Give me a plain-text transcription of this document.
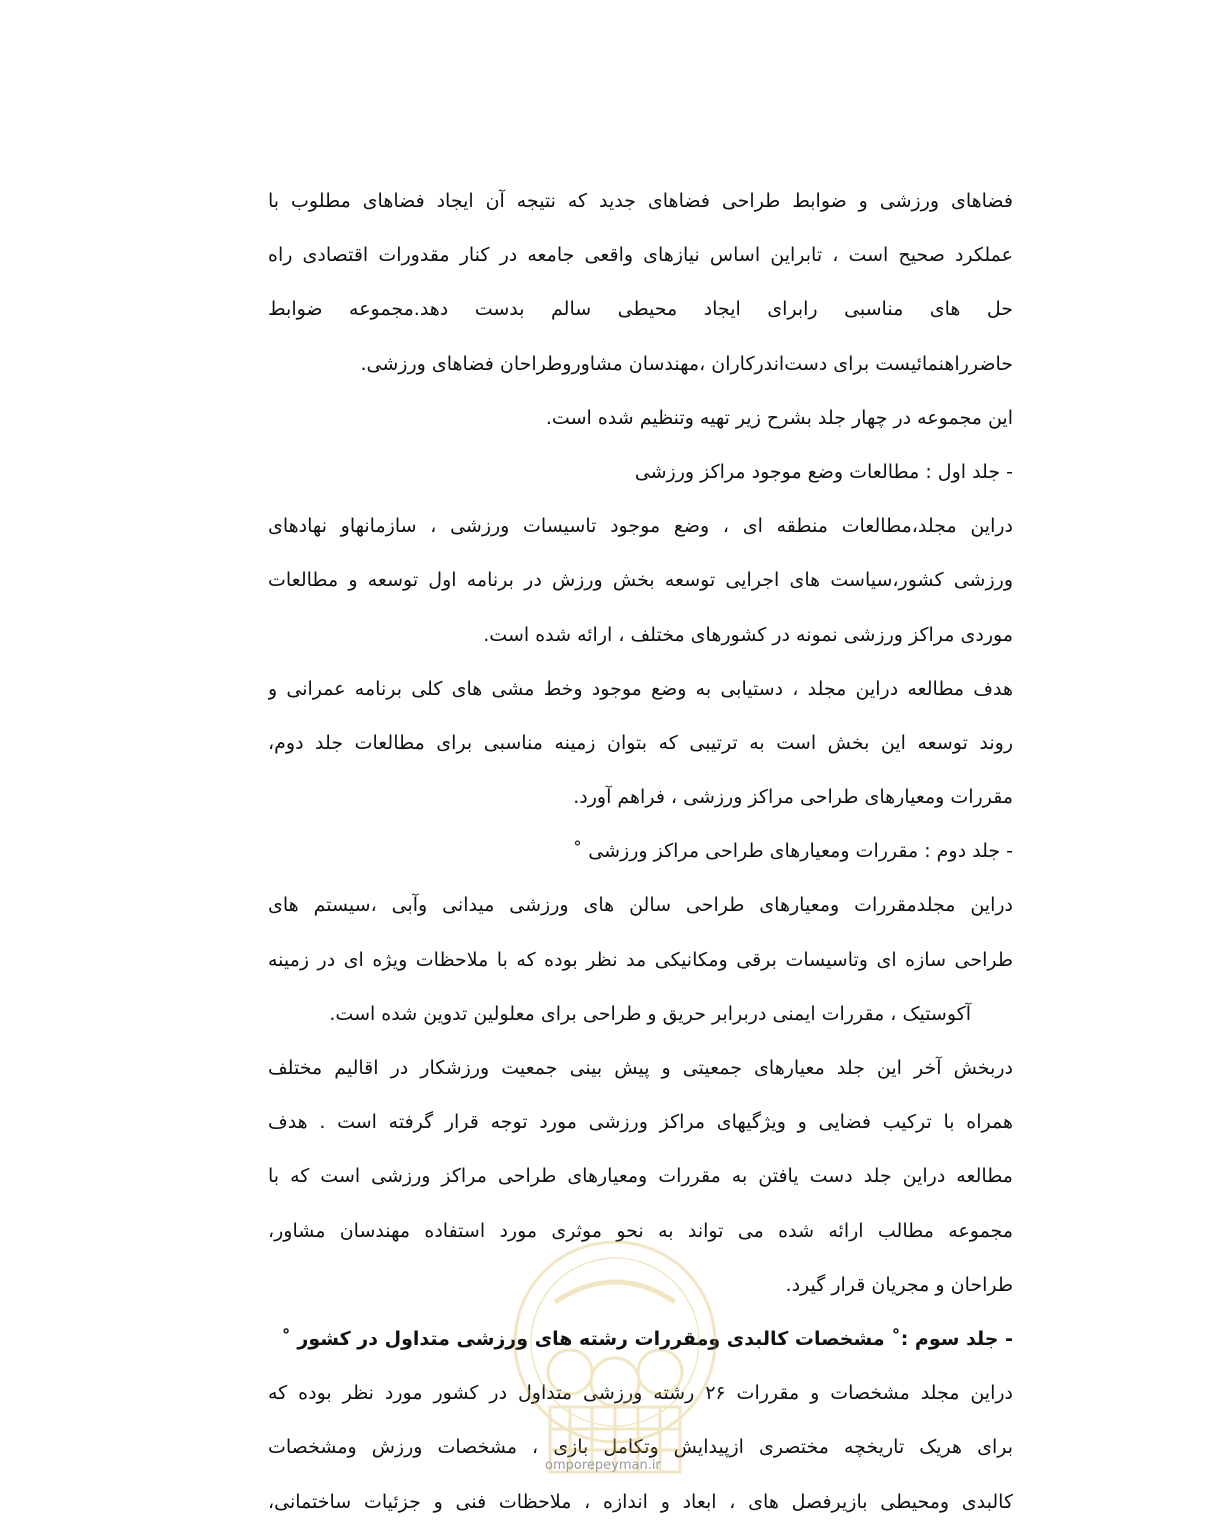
فضاهای ورزشی و ضوابط طراحی فضاهای جدید که نتیجه آن ایجاد فضاهای مطلوب با
عملکرد صحیح است ، تابراین اساس نیازهای واقعی جامعه در کنار مقدورات اقتصادی راه
حل های مناسبی رابرای ایجاد محیطی سالم بدست دهد.مجموعه ضوابط
حاضرراهنمائیست برای دست‌اندرکاران ،مهندسان مشاوروطراحان فضاهای ورزشی.
این مجموعه در چهار جلد بشرح زیر تهیه وتنظیم شده است.
- جلد اول : مطالعات وضع موجود مراکز ورزشی
دراین مجلد،مطالعات منطقه ای ، وضع موجود تاسیسات ورزشی ، سازمانهاو نهادهای
ورزشی کشور،سیاست های اجرایی توسعه بخش ورزش در برنامه اول توسعه و مطالعات
موردی مراکز ورزشی نمونه در کشورهای مختلف ، ارائه شده است.
هدف مطالعه دراین مجلد ، دستیابی به وضع موجود وخط مشی های کلی برنامه عمرانی و
روند توسعه این بخش است به ترتیبی که بتوان زمینه مناسبی برای مطالعات جلد دوم،
مقررات ومعیارهای طراحی مراکز ورزشی ، فراهم آورد.
- جلد دوم : مقررات ومعیارهای طراحی مراکز ورزشی ˚
دراین مجلدمقررات ومعیارهای طراحی سالن های ورزشی میدانی وآبی ،سیستم های
طراحی سازه ای وتاسیسات برقی ومکانیکی مد نظر بوده که با ملاحظات ویژه ای در زمینه
آکوستیک ، مقررات ایمنی دربرابر حریق و طراحی برای معلولین تدوین شده است.
دربخش آخر این جلد معیارهای جمعیتی و پیش بینی جمعیت ورزشکار در اقالیم مختلف
همراه با ترکیب فضایی و ویژگیهای مراکز ورزشی مورد توجه قرار گرفته است . هدف
مطالعه دراین جلد دست یافتن به مقررات ومعیارهای طراحی مراکز ورزشی است که با
مجموعه مطالب ارائه شده می تواند به نحو موثری مورد استفاده مهندسان مشاور،
طراحان و مجریان قرار گیرد.
- جلد سوم :˚ مشخصات کالبدی ومقررات رشته های ورزشی متداول در کشور ˚
دراین مجلد مشخصات و مقررات ۲۶ رشته ورزشی متداول در کشور مورد نظر بوده که
برای هریک تاریخچه مختصری ازپیدایش وتکامل بازی ، مشخصات ورزش ومشخصات
کالبدی ومحیطی بازیرفصل های ، ابعاد و اندازه ، ملاحظات فنی و جزئیات ساختمانی،
omporepeyman.ir
